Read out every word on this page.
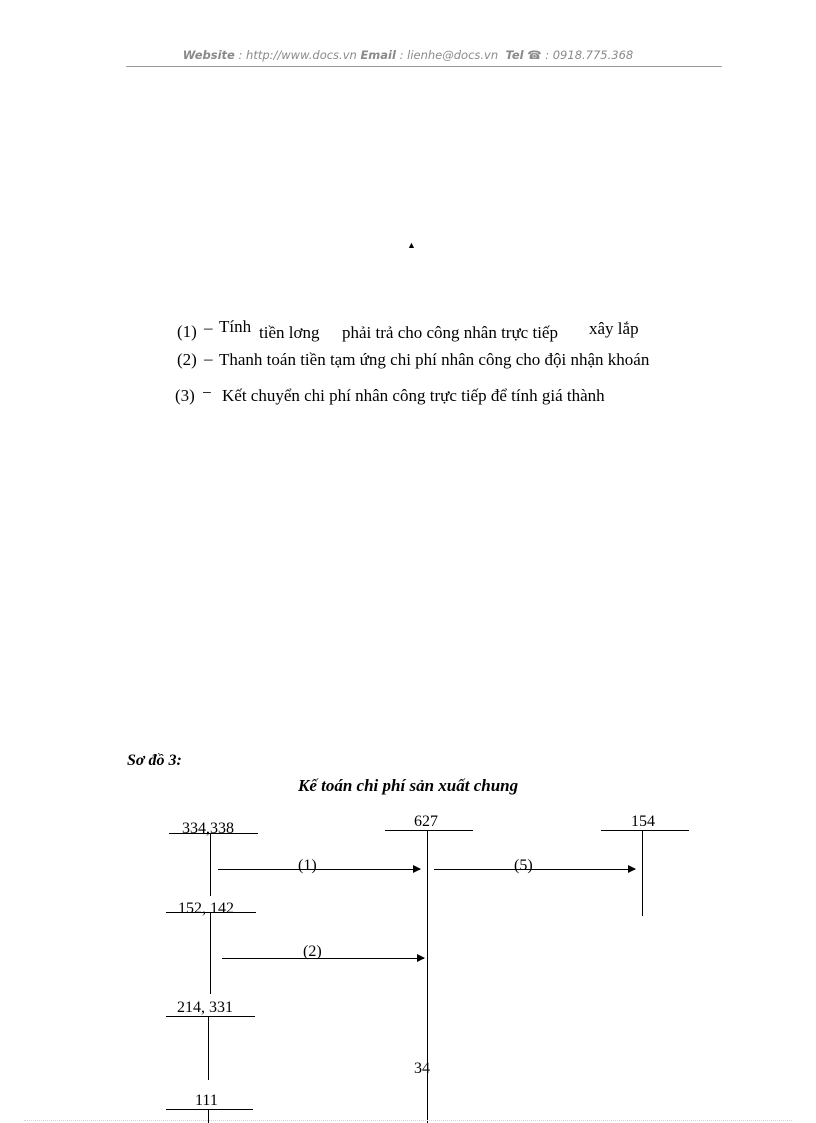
Website : http://www.docs.vn Email : lienhe@docs.vn Tel ☎ : 0918.775.368
▲
(1) – Tính tiền lơng phải trả cho công nhân trực tiếp xây lắp
(2) – Thanh toán tiền tạm ứng chi phí nhân công cho đội nhận khoán
(3) − Kết chuyển chi phí nhân công trực tiếp để tính giá thành
Sơ đồ 3:
Kế toán chi phí sản xuất chung
334,338	627	154
(1)	(5)
152, 142
(2)
214, 331
34
111
